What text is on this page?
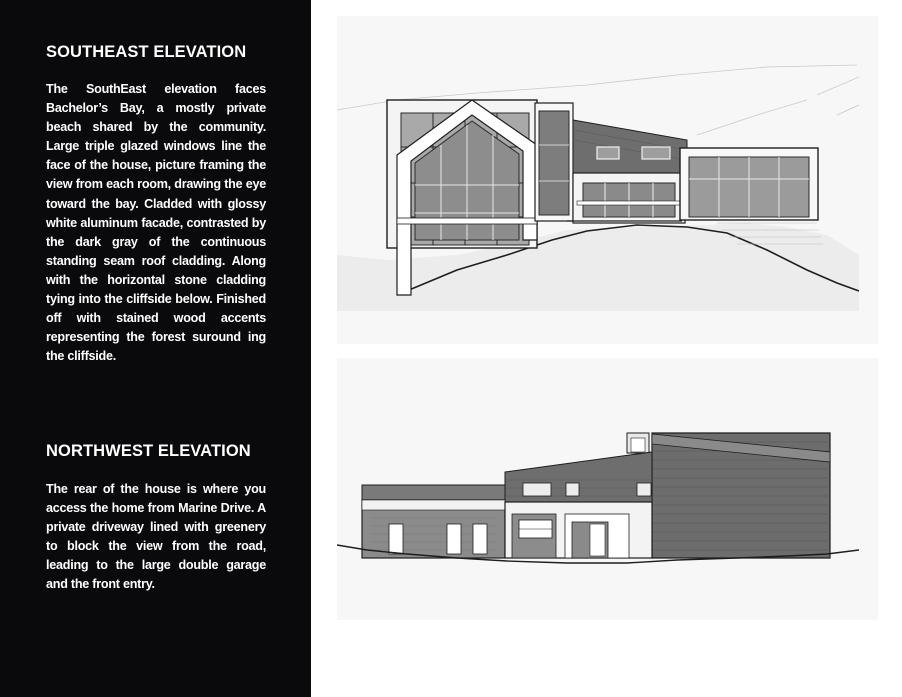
SOUTHEAST ELEVATION

The SouthEast elevation faces Bachelor’s Bay, a mostly private beach shared by the community. Large triple glazed windows line the face of the house, picture framing the view from each room, drawing the eye toward the bay. Cladded with glossy white aluminum facade, contrasted by the dark gray of the continuous standing seam roof cladding. Along with the horizontal stone cladding tying into the cliffside below. Finished off with stained wood accents representing the forest suround ing the cliffside.

NORTHWEST ELEVATION

The rear of the house is where you access the home from Marine Drive. A private driveway lined with greenery to block the view from the road, leading to the large double garage and the front entry.
